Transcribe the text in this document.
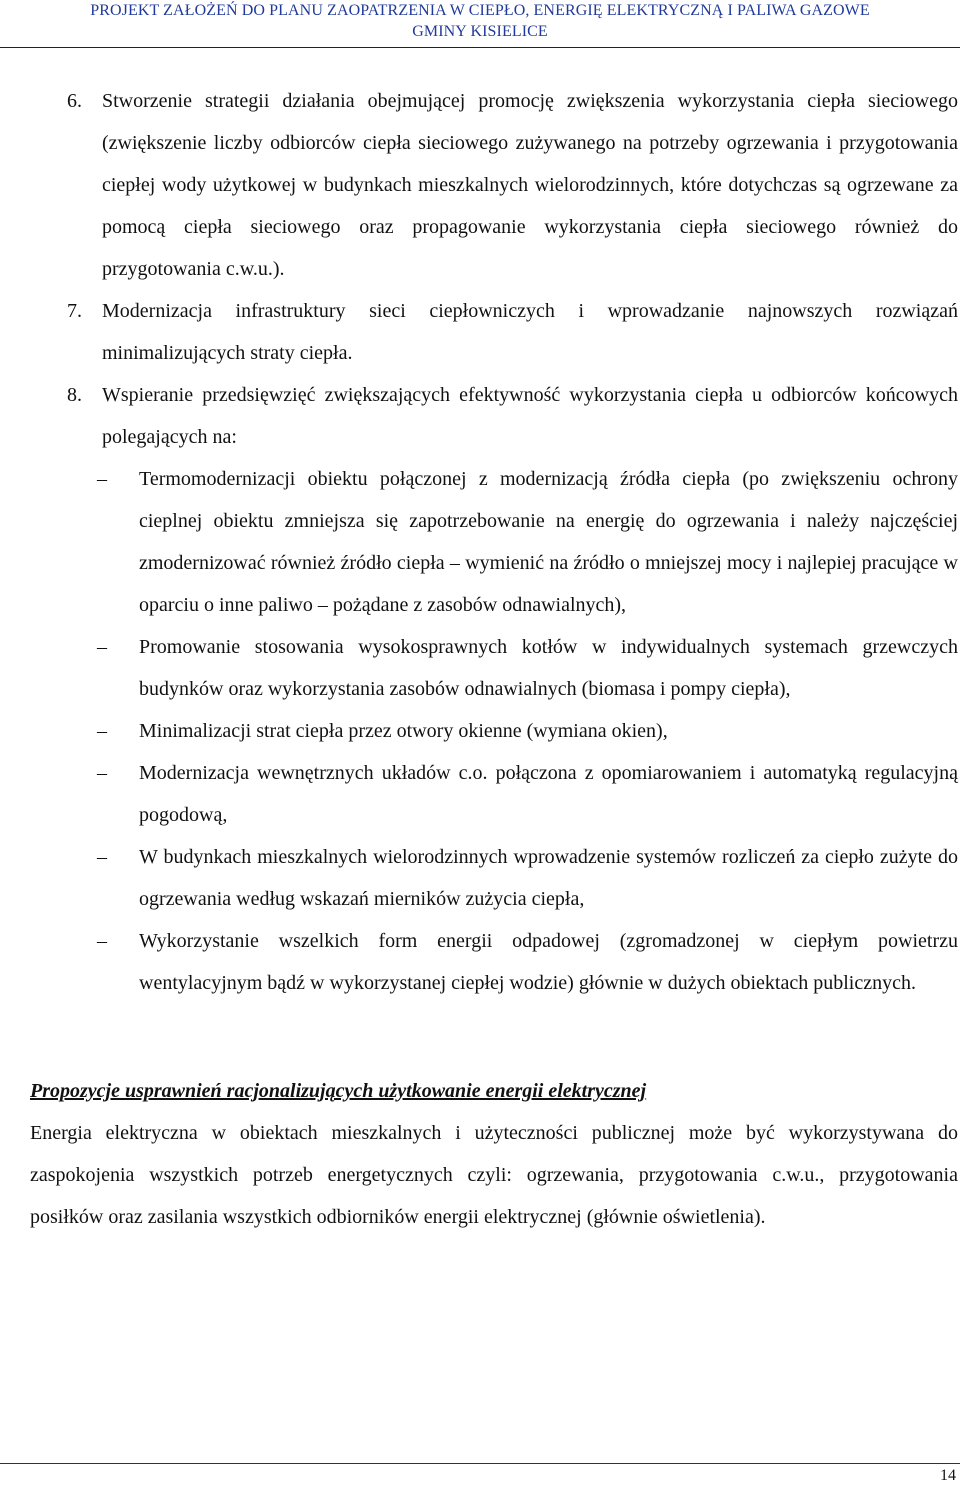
PROJEKT ZAŁOŻEŃ DO PLANU ZAOPATRZENIA W CIEPŁO, ENERGIĘ ELEKTRYCZNĄ I PALIWA GAZOWE
GMINY KISIELICE

6. Stworzenie strategii działania obejmującej promocję zwiększenia wykorzystania ciepła sieciowego (zwiększenie liczby odbiorców ciepła sieciowego zużywanego na potrzeby ogrzewania i przygotowania ciepłej wody użytkowej w budynkach mieszkalnych wielorodzinnych, które dotychczas są ogrzewane za pomocą ciepła sieciowego oraz propagowanie wykorzystania ciepła sieciowego również do przygotowania c.w.u.).

7. Modernizacja infrastruktury sieci ciepłowniczych i wprowadzanie najnowszych rozwiązań minimalizujących straty ciepła.

8. Wspieranie przedsięwzięć zwiększających efektywność wykorzystania ciepła u odbiorców końcowych polegających na:

– Termomodernizacji obiektu połączonej z modernizacją źródła ciepła (po zwiększeniu ochrony cieplnej obiektu zmniejsza się zapotrzebowanie na energię do ogrzewania i należy najczęściej zmodernizować również źródło ciepła – wymienić na źródło o mniejszej mocy i najlepiej pracujące w oparciu o inne paliwo – pożądane z zasobów odnawialnych),
– Promowanie stosowania wysokosprawnych kotłów w indywidualnych systemach grzewczych budynków oraz wykorzystania zasobów odnawialnych (biomasa i pompy ciepła),
– Minimalizacji strat ciepła przez otwory okienne (wymiana okien),
– Modernizacja wewnętrznych układów c.o. połączona z opomiarowaniem i automatyką regulacyjną pogodową,
– W budynkach mieszkalnych wielorodzinnych wprowadzenie systemów rozliczeń za ciepło zużyte do ogrzewania według wskazań mierników zużycia ciepła,
– Wykorzystanie wszelkich form energii odpadowej (zgromadzonej w ciepłym powietrzu wentylacyjnym bądź w wykorzystanej ciepłej wodzie) głównie w dużych obiektach publicznych.
Propozycje usprawnień racjonalizujących użytkowanie energii elektrycznej

Energia elektryczna w obiektach mieszkalnych i użyteczności publicznej może być wykorzystywana do zaspokojenia wszystkich potrzeb energetycznych czyli: ogrzewania, przygotowania c.w.u., przygotowania posiłków oraz zasilania wszystkich odbiorników energii elektrycznej (głównie oświetlenia).

14
